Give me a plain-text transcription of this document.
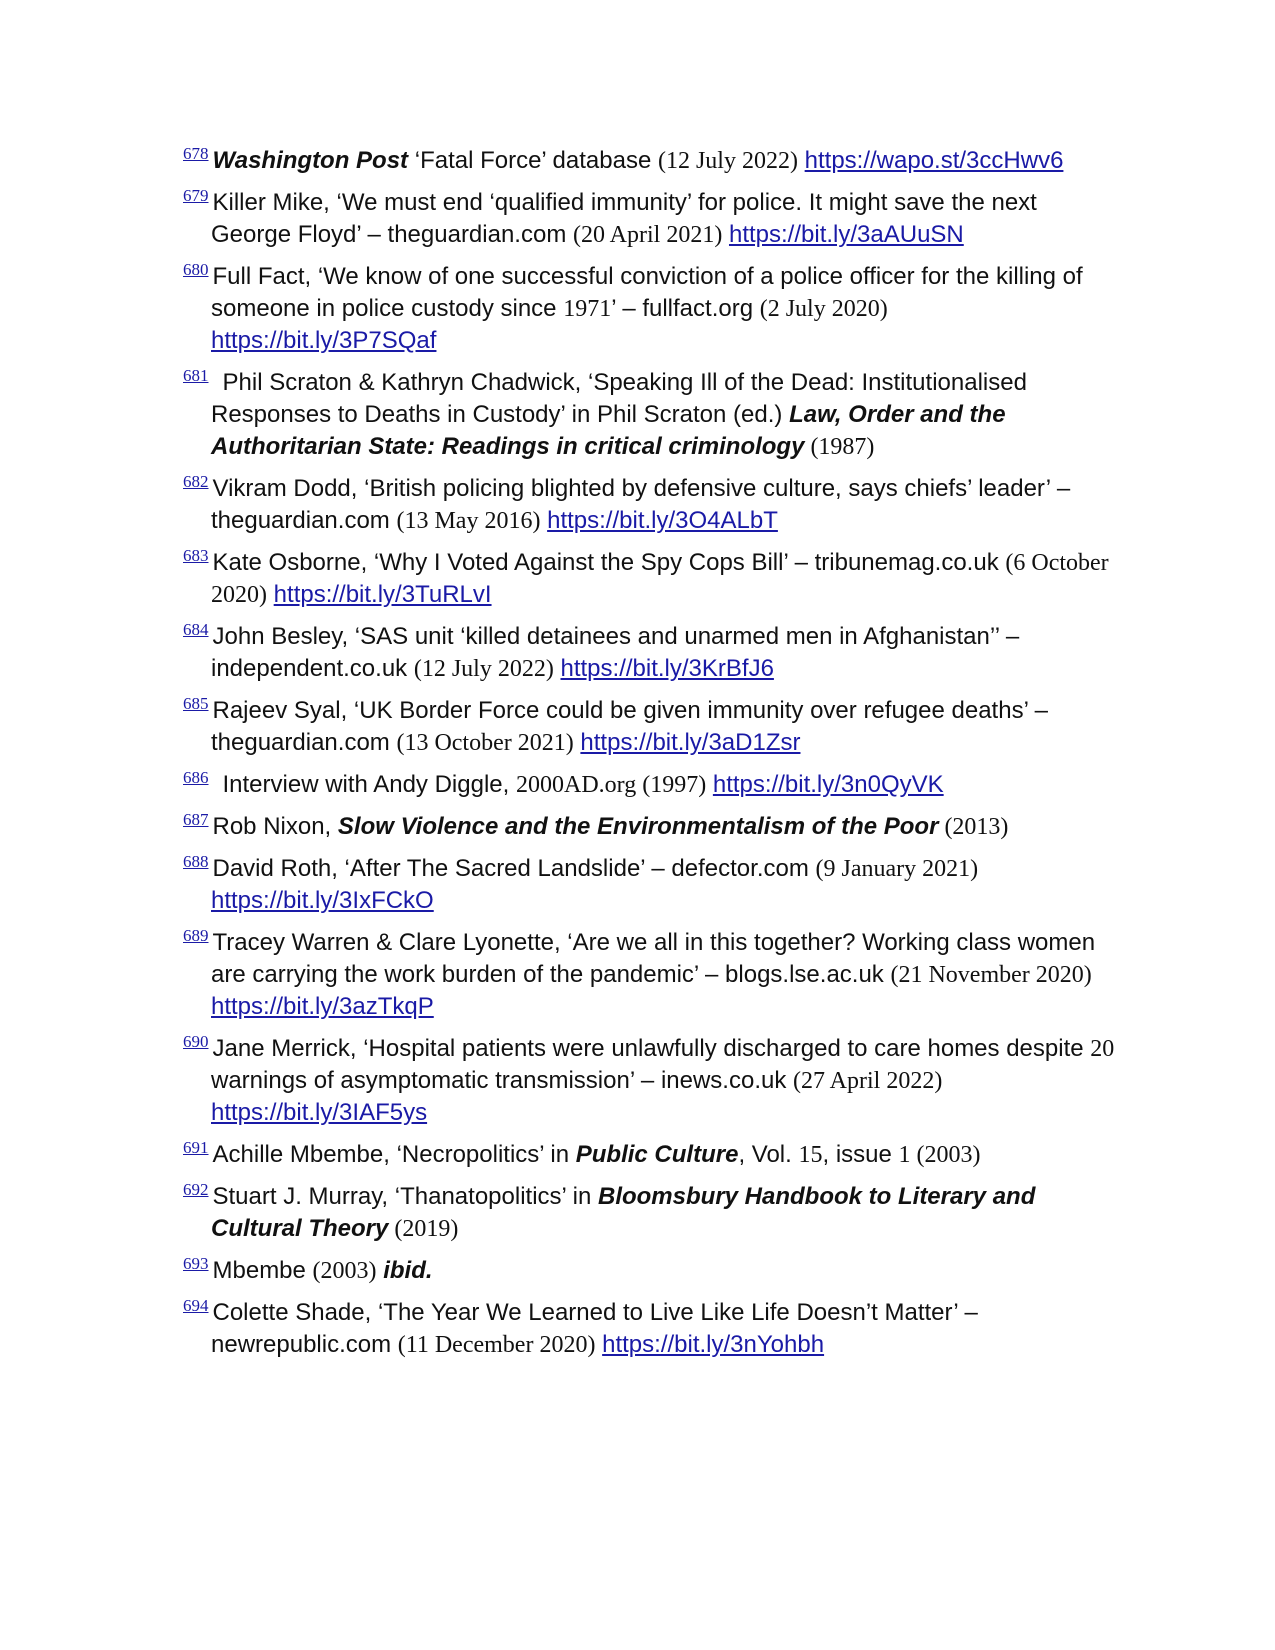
$^{678}$ Washington Post ‘Fatal Force’ database (12 July 2022) https://wapo.st/3ccHwv6
$^{679}$ Killer Mike, ‘We must end ‘qualified immunity’ for police. It might save the next George Floyd’ – theguardian.com (20 April 2021) https://bit.ly/3aAUuSN
$^{680}$ Full Fact, ‘We know of one successful conviction of a police officer for the killing of someone in police custody since 1971’ – fullfact.org (2 July 2020) https://bit.ly/3P7SQaf
$^{681}$ Phil Scraton & Kathryn Chadwick, ‘Speaking Ill of the Dead: Institutionalised Responses to Deaths in Custody’ in Phil Scraton (ed.) Law, Order and the Authoritarian State: Readings in critical criminology (1987)
$^{682}$ Vikram Dodd, ‘British policing blighted by defensive culture, says chiefs’ leader’ – theguardian.com (13 May 2016) https://bit.ly/3O4ALbT
$^{683}$ Kate Osborne, ‘Why I Voted Against the Spy Cops Bill’ – tribunemag.co.uk (6 October 2020) https://bit.ly/3TuRLvI
$^{684}$ John Besley, ‘SAS unit ‘killed detainees and unarmed men in Afghanistan’’ – independent.co.uk (12 July 2022) https://bit.ly/3KrBfJ6
$^{685}$ Rajeev Syal, ‘UK Border Force could be given immunity over refugee deaths’ – theguardian.com (13 October 2021) https://bit.ly/3aD1Zsr
$^{686}$ Interview with Andy Diggle, 2000AD.org (1997) https://bit.ly/3n0QyVK
$^{687}$ Rob Nixon, Slow Violence and the Environmentalism of the Poor (2013)
$^{688}$ David Roth, ‘After The Sacred Landslide’ – defector.com (9 January 2021) https://bit.ly/3IxFCkO
$^{689}$ Tracey Warren & Clare Lyonette, ‘Are we all in this together? Working class women are carrying the work burden of the pandemic’ – blogs.lse.ac.uk (21 November 2020) https://bit.ly/3azTkqP
$^{690}$ Jane Merrick, ‘Hospital patients were unlawfully discharged to care homes despite 20 warnings of asymptomatic transmission’ – inews.co.uk (27 April 2022) https://bit.ly/3IAF5ys
$^{691}$ Achille Mbembe, ‘Necropolitics’ in Public Culture, Vol. 15, issue 1 (2003)
$^{692}$ Stuart J. Murray, ‘Thanatopolitics’ in Bloomsbury Handbook to Literary and Cultural Theory (2019)
$^{693}$ Mbembe (2003) ibid.
$^{694}$ Colette Shade, ‘The Year We Learned to Live Like Life Doesn’t Matter’ – newrepublic.com (11 December 2020) https://bit.ly/3nYohbh
